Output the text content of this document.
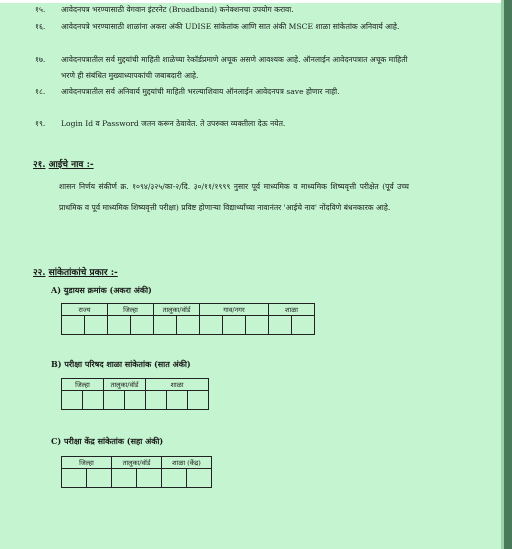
१५. आवेदनपत्र भरण्यासाठी वेगवान इंटरनेट (Broadband) कनेक्शनचा उपयोग करावा.
१६. आवेदनपत्रे भरण्यासाठी शाळांना अकरा अंकी UDISE सांकेतांक आणि सात अंकी MSCE शाळा सांकेतांक अनिवार्य आहे.
१७. आवेदनपत्रातील सर्व मुद्दयांची माहिती शाळेच्या रेकॉर्डप्रमाणे अचूक असणे आवश्यक आहे. ऑनलाईन आवेदनपत्रात अचूक माहिती भरणे ही संबंधित मुख्याध्यापकांची जबाबदारी आहे.
१८. आवेदनपत्रातील सर्व अनिवार्य मुद्दयांची माहिती भरल्याशिवाय ऑनलाईन आवेदनपत्र save होणार नाही.
१९. Login Id व Password जतन करून ठेवावेत. ते उपरुक्त व्यक्तीला देऊ नयेत.
२१. आईचे नाव :-
शासन निर्णय संकीर्ण क्र. १०९४/३२५/का-२/दि. ३०/११/१९९९ नुसार पूर्व माध्यमिक व माध्यमिक शिष्यवृत्ती परीक्षेत (पूर्व उच्च प्राथमिक व पूर्व माध्यमिक शिष्यवृत्ती परीक्षा) प्रविष्ट होणाऱ्या विद्यार्थ्यांच्या नावानंतर 'आईचे नाव' नोंदविणे बंधनकारक आहे.
२२. सांकेतांकांचे प्रकार :-
A) युडायस क्रमांक (अकरा अंकी)
राज्य		जिल्हा		तालुका/वॉर्ड		गाव/नगर			शाळा	

B) परीक्षा परिषद शाळा सांकेतांक (सात अंकी)
जिल्हा		तालुका/वॉर्ड		शाळा		

C) परीक्षा केंद्र सांकेतांक (सहा अंकी)
जिल्हा		तालुका/वॉर्ड		शाळा (केंद्र)	
